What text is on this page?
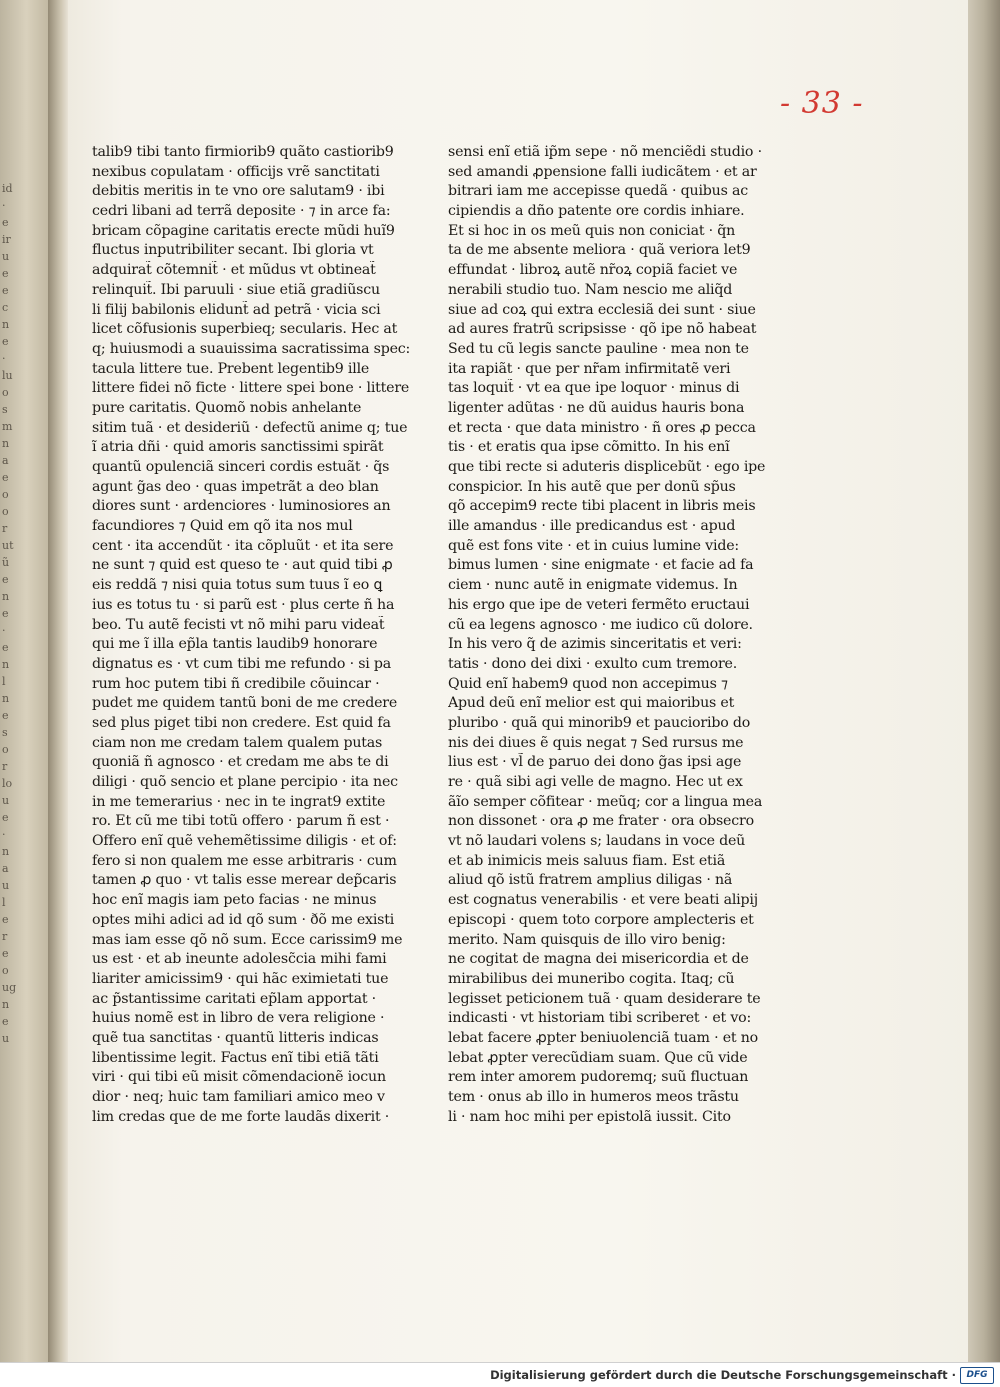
id
·
e
ir
u
e
e
c
n
e
·
lu
o
s
m
n
a
e
o
o
r
ut
ũ
e
n
e
·
e
n
l
n
e
s
o
r
lo
u
e
·
n
a
u
l
e
r
e
o
ug
n
e
u
- 33 -
talib9 tibi tanto firmiorib9 quãto castiorib9
nexibus copulatam · officijs vrẽ sanctitati
debitis meritis in te vno ore salutam9 · ibi
cedri libani ad terrã deposite · ⁊ in arce fa:
bricam cõpagine caritatis erecte mũdi huĩ9
fluctus inputribiliter secant. Ibi gloria vt
adquirat̃ cõtemnit̃ · et mũdus vt obtineat̃
relinquit̃. Ibi paruuli · siue etiã gradiũscu
li filij babilonis elidunt̃ ad petrã · vicia sci
licet cõfusionis superbieq; secularis. Hec at
q; huiusmodi a suauissima sacratissima spec:
tacula littere tue. Prebent legentib9 ille
littere fidei nõ ficte · littere spei bone · littere
pure caritatis. Quomõ nobis anhelante
sitim tuã · et desideriũ · defectũ anime q; tue
ĩ atria dñi · quid amoris sanctissimi spirãt
quantũ opulenciã sinceri cordis estuãt · q̃s
agunt g̃as deo · quas impetrãt a deo blan
diores sunt · ardenciores · luminosiores an
facundiores ⁊ Quid em qõ ita nos mul
cent · ita accendũt · ita cõpluũt · et ita sere
ne sunt ⁊ quid est queso te · aut quid tibi ꝓ
eis reddã ⁊ nisi quia totus sum tuus ĩ eo ꝗ
ius es totus tu · si parũ est · plus certe ñ ha
beo. Tu autẽ fecisti vt nõ mihi paru videat̃
qui me ĩ illa ep̃la tantis laudib9 honorare
dignatus es · vt cum tibi me refundo · si pa
rum hoc putem tibi ñ credibile cõuincar ·
pudet me quidem tantũ boni de me credere
sed plus piget tibi non credere. Est quid fa
ciam non me credam talem qualem putas
quoniã ñ agnosco · et credam me abs te di
diligi · quõ sencio et plane percipio · ita nec
in me temerarius · nec in te ingrat9 extite
ro. Et cũ me tibi totũ offero · parum ñ est ·
Offero enĩ quẽ vehemẽtissime diligis · et of:
fero si non qualem me esse arbitraris · cum
tamen ꝓ quo · vt talis esse merear dep̃caris
hoc enĩ magis iam peto facias · ne minus
optes mihi adici ad id qõ sum · ðõ me existi
mas iam esse qõ nõ sum. Ecce carissim9 me
us est · et ab ineunte adolesc̃cia mihi fami
liariter amicissim9 · qui hãc eximietati tue
ac p̃stantissime caritati ep̃lam apportat ·
huius nomẽ est in libro de vera religione ·
quẽ tua sanctitas · quantũ litteris indicas
libentissime legit. Factus enĩ tibi etiã tãti
viri · qui tibi eũ misit cõmendacionẽ iocun
dior · neq; huic tam familiari amico meo v
lim credas que de me forte laudãs dixerit ·
sensi enĩ etiã ip̃m sepe · nõ menciẽdi studio ·
sed amandi ꝓpensione falli iudicãtem · et ar
bitrari iam me accepisse quedã · quibus ac
cipiendis a dño patente ore cordis inhiare.
Et si hoc in os meũ quis non coniciat · q̃n
ta de me absente meliora · quã veriora let9
effundat · libroꝝ autẽ nr̃oꝝ copiã faciet ve
nerabili studio tuo. Nam nescio me aliq̃d
siue ad coꝝ qui extra ecclesiã dei sunt · siue
ad aures fratrũ scripsisse · qõ ipe nõ habeat
Sed tu cũ legis sancte pauline · mea non te
ita rapiãt · que per nr̃am infirmitatẽ veri
tas loquit̃ · vt ea que ipe loquor · minus di
ligenter adũtas · ne dũ auidus hauris bona
et recta · que data ministro · ñ ores ꝓ pecca
tis · et eratis qua ipse cõmitto. In his enĩ
que tibi recte si aduteris displicebũt · ego ipe
conspicior. In his autẽ que per donũ sp̃us
qõ accepim9 recte tibi placent in libris meis
ille amandus · ille predicandus est · apud
quẽ est fons vite · et in cuius lumine vide:
bimus lumen · sine enigmate · et facie ad fa
ciem · nunc autẽ in enigmate videmus. In
his ergo que ipe de veteri fermẽto eructaui
cũ ea legens agnosco · me iudico cũ dolore.
In his vero q̃ de azimis sinceritatis et veri:
tatis · dono dei dixi · exulto cum tremore.
Quid enĩ habem9 quod non accepimus ⁊
Apud deũ enĩ melior est qui maioribus et
pluribo · quã qui minorib9 et paucioribo do
nis dei diues ẽ quis negat ⁊ Sed rursus me
lius est · vl̃ de paruo dei dono g̃as ipsi age
re · quã sibi agi velle de magno. Hec ut ex
ãĩo semper cõfitear · meũq; cor a lingua mea
non dissonet · ora ꝓ me frater · ora obsecro
vt nõ laudari volens s; laudans in voce deũ
et ab inimicis meis saluus fiam. Est etiã
aliud qõ istũ fratrem amplius diligas · nã
est cognatus venerabilis · et vere beati alipij
episcopi · quem toto corpore amplecteris et
merito. Nam quisquis de illo viro benig:
ne cogitat de magna dei misericordia et de
mirabilibus dei muneribo cogita. Itaq; cũ
legisset peticionem tuã · quam desiderare te
indicasti · vt historiam tibi scriberet · et vo:
lebat facere ꝓpter beniuolenciã tuam · et no
lebat ꝓpter verecũdiam suam. Que cũ vide
rem inter amorem pudoremq; suũ fluctuan
tem · onus ab illo in humeros meos trãstu
li · nam hoc mihi per epistolã iussit. Cito
Digitalisierung gefördert durch die Deutsche Forschungsgemeinschaft ·	DFG
